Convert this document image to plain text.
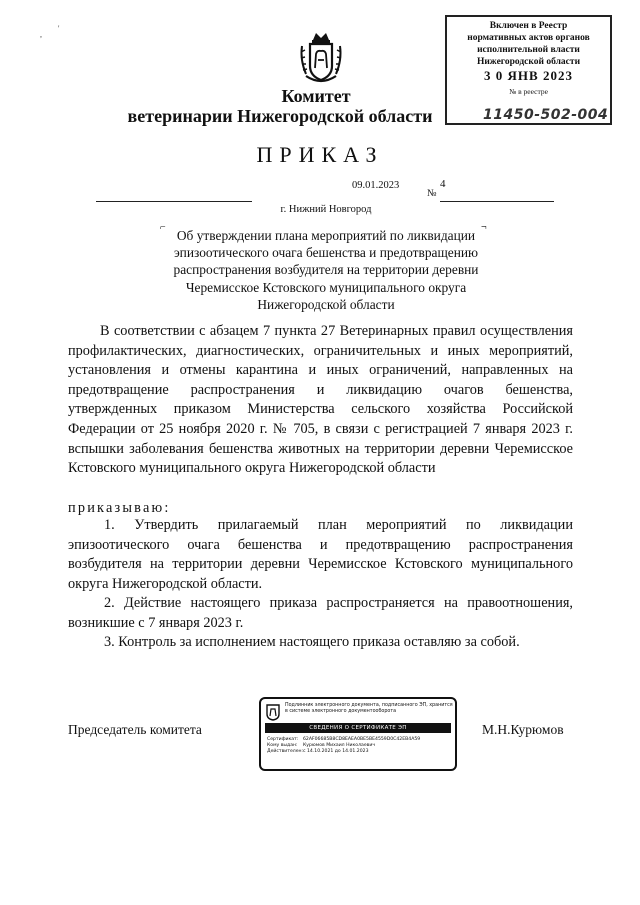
,
'	Включен в Реестр
нормативных актов органов
исполнительной власти
Нижегородской области
3 0 ЯНВ 2023
№ в реестре
11450-502-004
Комитет
ветеринарии Нижегородской области
ПРИКАЗ
09.01.2023	4
№
г. Нижний Новгород
⌐	¬
Об утверждении плана мероприятий по ликвидации эпизоотического очага бешенства и предотвращению распространения возбудителя на территории деревни Черемисское Кстовского муниципального округа Нижегородской области
В соответствии с абзацем 7 пункта 27 Ветеринарных правил осуществления профилактических, диагностических, ограничительных и иных мероприятий, установления и отмены карантина и иных ограничений, направленных на предотвращение распространения и ликвидацию очагов бешенства, утвержденных приказом Министерства сельского хозяйства Российской Федерации от 25 ноября 2020 г. № 705, в связи с регистрацией 7 января 2023 г. вспышки заболевания бешенства животных на территории деревни Черемисское Кстовского муниципального округа Нижегородской области
приказываю:
1. Утвердить прилагаемый план мероприятий по ликвидации эпизоотического очага бешенства и предотвращению распространения возбудителя на территории деревни Черемисское Кстовского муниципального округа Нижегородской области.
2. Действие настоящего приказа распространяется на правоотношения, возникшие с 7 января 2023 г.
3. Контроль за исполнением настоящего приказа оставляю за собой.
Председатель комитета	М.Н.Курюмов
Подлинник электронного документа, подписанного ЭП, хранится в системе электронного документооборота
СВЕДЕНИЯ О СЕРТИФИКАТЕ ЭП
Сертификат: 62AF06685B8CD8EAEA0BE5BE4559D0C42EB4A59
Кому выдан: Курюмов Михаил Николаевич
Действителен:с 14.10.2021 до 14.01.2023
